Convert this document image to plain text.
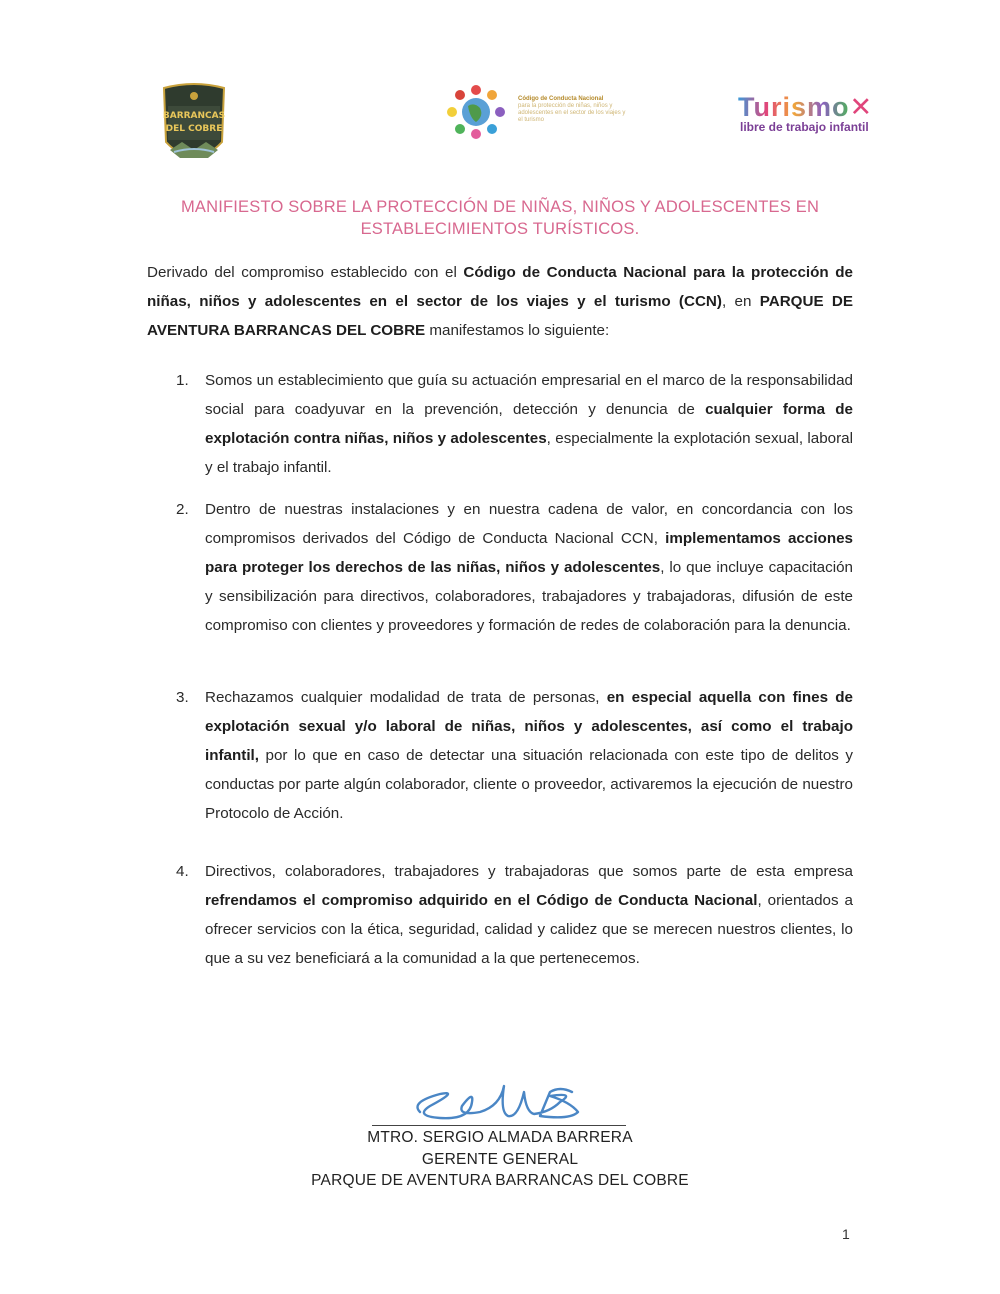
BARRANCAS
DEL COBRE
Código de Conducta Nacional
para la protección de niñas, niños y adolescentes en el sector de los viajes y el turismo	Turismo✕
libre de trabajo infantil
MANIFIESTO SOBRE LA PROTECCIÓN DE NIÑAS, NIÑOS Y ADOLESCENTES EN
ESTABLECIMIENTOS TURÍSTICOS.
Derivado del compromiso establecido con el Código de Conducta Nacional para la protección de niñas, niños y adolescentes en el sector de los viajes y el turismo (CCN), en PARQUE DE AVENTURA BARRANCAS DEL COBRE manifestamos lo siguiente:
1. Somos un establecimiento que guía su actuación empresarial en el marco de la responsabilidad social para coadyuvar en la prevención, detección y denuncia de cualquier forma de explotación contra niñas, niños y adolescentes, especialmente la explotación sexual, laboral y el trabajo infantil.
2. Dentro de nuestras instalaciones y en nuestra cadena de valor, en concordancia con los compromisos derivados del Código de Conducta Nacional CCN, implementamos acciones para proteger los derechos de las niñas, niños y adolescentes, lo que incluye capacitación y sensibilización para directivos, colaboradores, trabajadores y trabajadoras, difusión de este compromiso con clientes y proveedores y formación de redes de colaboración para la denuncia.
3. Rechazamos cualquier modalidad de trata de personas, en especial aquella con fines de explotación sexual y/o laboral de niñas, niños y adolescentes, así como el trabajo infantil, por lo que en caso de detectar una situación relacionada con este tipo de delitos y conductas por parte algún colaborador, cliente o proveedor, activaremos la ejecución de nuestro Protocolo de Acción.
4. Directivos, colaboradores, trabajadores y trabajadoras que somos parte de esta empresa refrendamos el compromiso adquirido en el Código de Conducta Nacional, orientados a ofrecer servicios con la ética, seguridad, calidad y calidez que se merecen nuestros clientes, lo que a su vez beneficiará a la comunidad a la que pertenecemos.
MTRO. SERGIO ALMADA BARRERA
GERENTE GENERAL
PARQUE DE AVENTURA BARRANCAS DEL COBRE
1
